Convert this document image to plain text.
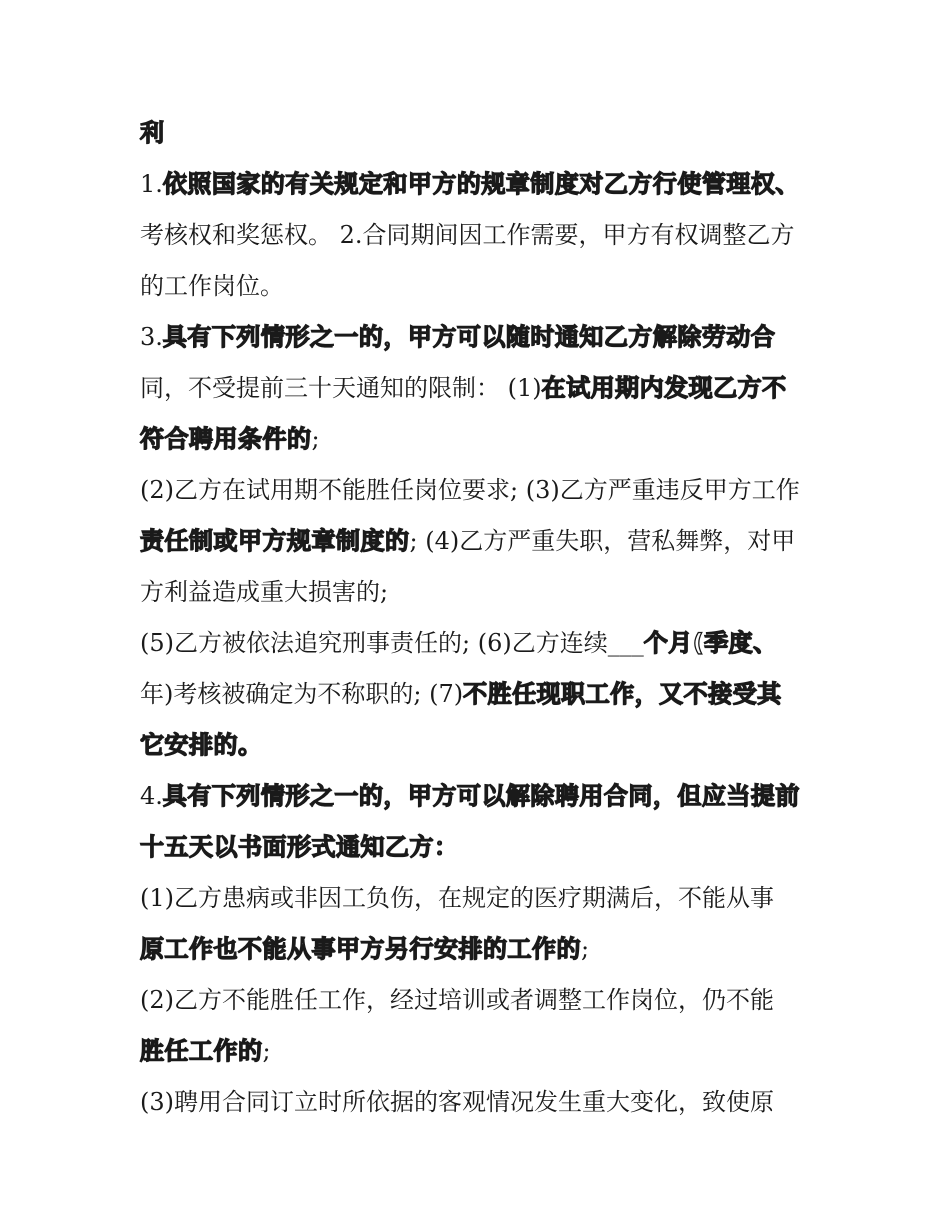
利
1.依照国家的有关规定和甲方的规章制度对乙方行使管理权、
考核权和奖惩权。 2.合同期间因工作需要，甲方有权调整乙方
的工作岗位。
3.具有下列情形之一的，甲方可以随时通知乙方解除劳动合
同，不受提前三十天通知的限制： (1)在试用期内发现乙方不
符合聘用条件的;
(2)乙方在试用期不能胜任岗位要求; (3)乙方严重违反甲方工作
责任制或甲方规章制度的; (4)乙方严重失职，营私舞弊，对甲
方利益造成重大损害的;
(5)乙方被依法追究刑事责任的; (6)乙方连续___个月(季度、
年)考核被确定为不称职的; (7)不胜任现职工作，又不接受其
它安排的。
4.具有下列情形之一的，甲方可以解除聘用合同，但应当提前
十五天以书面形式通知乙方：
(1)乙方患病或非因工负伤，在规定的医疗期满后，不能从事
原工作也不能从事甲方另行安排的工作的;
(2)乙方不能胜任工作，经过培训或者调整工作岗位，仍不能
胜任工作的;
(3)聘用合同订立时所依据的客观情况发生重大变化，致使原
